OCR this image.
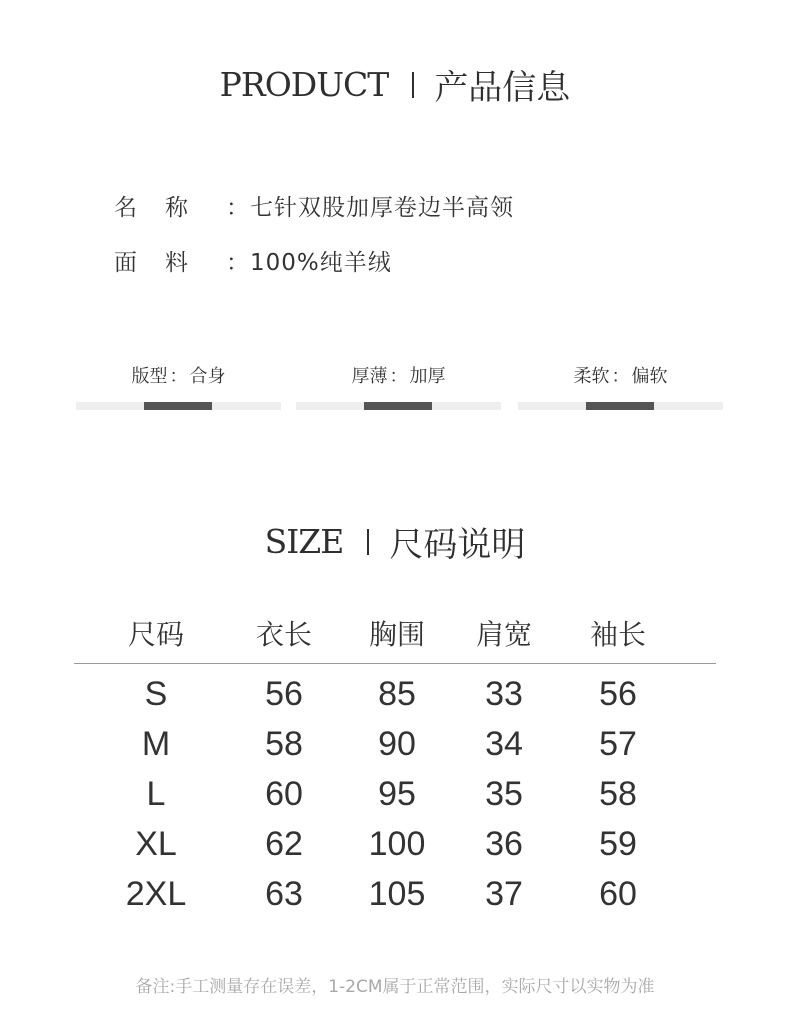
PRODUCT 产品信息
名称 ：七针双股加厚卷边半高领
面料 ：100%纯羊绒
版型 ： 合身	厚薄 ： 加厚	柔软 ： 偏软
SIZE 尺码说明
尺码	衣长	胸围	肩宽	袖长
S	56	85	33	56
M	58	90	34	57
L	60	95	35	58
XL	62	100	36	59
2XL	63	105	37	60
备注:手工测量存在误差，1-2CM属于正常范围，实际尺寸以实物为准
